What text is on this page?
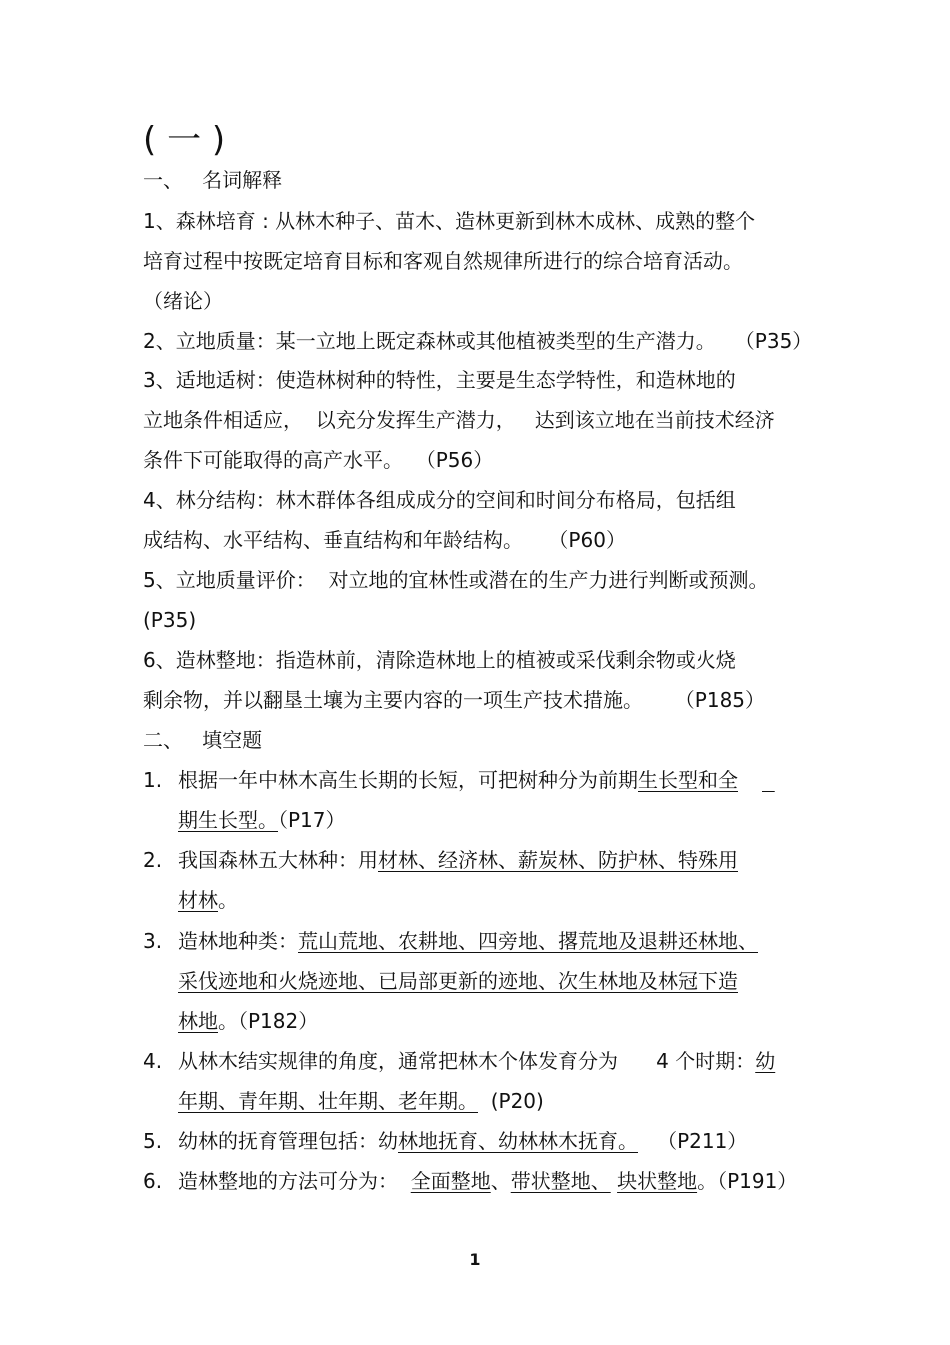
( 一 )
一、   名词解释
1、森林培育 : 从林木种子、苗木、造林更新到林木成林、成熟的整个
培育过程中按既定培育目标和客观自然规律所进行的综合培育活动。
（绪论）
2、立地质量：某一立地上既定森林或其他植被类型的生产潜力。   （P35）
3、适地适树：使造林树种的特性，主要是生态学特性，和造林地的
立地条件相适应，  以充分发挥生产潜力，   达到该立地在当前技术经济
条件下可能取得的高产水平。  （P56）
4、林分结构：林木群体各组成成分的空间和时间分布格局，包括组
成结构、水平结构、垂直结构和年龄结构。    （P60）
5、立地质量评价：  对立地的宜林性或潜在的生产力进行判断或预测。
(P35)
6、造林整地：指造林前，清除造林地上的植被或采伐剩余物或火烧
剩余物，并以翻垦土壤为主要内容的一项生产技术措施。     （P185）
二、   填空题
1. 根据一年中林木高生长期的长短，可把树种分为前期生长型和全
期生长型。（P17）
2. 我国森林五大林种：用材林、经济林、薪炭林、防护林、特殊用
材林。
3. 造林地种类：荒山荒地、农耕地、四旁地、撂荒地及退耕还林地、
采伐迹地和火烧迹地、已局部更新的迹地、次生林地及林冠下造
林地。（P182）
4. 从林木结实规律的角度，通常把林木个体发育分为      4 个时期：幼
年期、青年期、壮年期、老年期。  (P20)
5. 幼林的抚育管理包括：幼林地抚育、幼林林木抚育。   （P211）
6. 造林整地的方法可分为：  全面整地、带状整地、 块状整地。（P191）
1
